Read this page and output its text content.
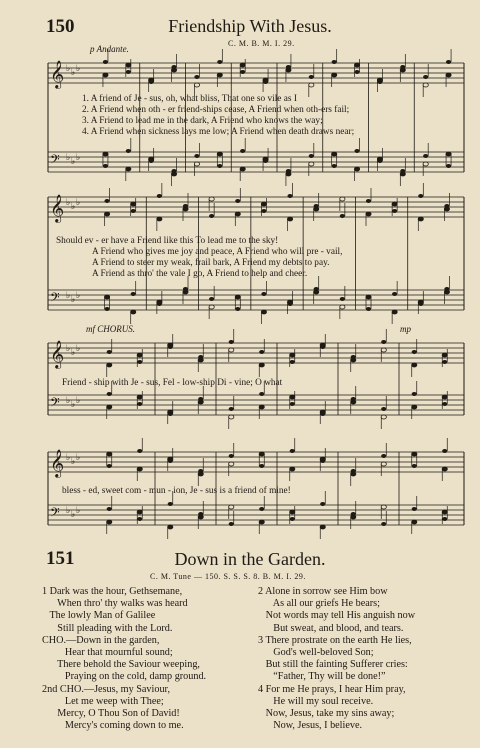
150	Friendship With Jesus.
C. M. B. M. I. 29.
p Andante.
𝄞 ♭ ♭ ♭
𝄢 ♭ ♭ ♭
𝄞 ♭ ♭ ♭
𝄢 ♭ ♭ ♭
𝄞 ♭ ♭ ♭
𝄢 ♭ ♭ ♭
𝄞 ♭ ♭ ♭
𝄢 ♭ ♭ ♭
1. A friend of Je - sus, oh, what bliss, That one so vile as I
2. A Friend when oth - er friend-ships cease, A Friend when oth-ers fail;
3. A Friend to lead me in the dark, A Friend who knows the way;
4. A Friend when sickness lays me low; A Friend when death draws near;
Should ev - er have a Friend like this To lead me to the sky!
A Friend who gives me joy and peace, A Friend who will pre - vail,
A Friend to steer my weak, frail bark, A Friend my debts to pay.
A Friend as thro' the vale I go, A Friend to help and cheer.
mf CHORUS.	mp
Friend - ship with Je - sus, Fel - low-ship Di - vine; O what
bless - ed, sweet com - mun - ion, Je - sus is a friend of mine!
151	Down in the Garden.
C. M. Tune — 150. S. S. S. 8. B. M. I. 29.
1 Dark was the hour, Gethsemane,
When thro' thy walks was heard
The lowly Man of Galilee
Still pleading with the Lord.
CHO.—Down in the garden,
Hear that mournful sound;
There behold the Saviour weeping,
Praying on the cold, damp ground.
2nd CHO.—Jesus, my Saviour,
Let me weep with Thee;
Mercy, O Thou Son of David!
Mercy's coming down to me.
2 Alone in sorrow see Him bow
As all our griefs He bears;
Not words may tell His anguish now
But sweat, and blood, and tears.
3 There prostrate on the earth He lies,
God's well-beloved Son;
But still the fainting Sufferer cries:
“Father, Thy will be done!”
4 For me He prays, I hear Him pray,
He will my soul receive.
Now, Jesus, take my sins away;
Now, Jesus, I believe.
